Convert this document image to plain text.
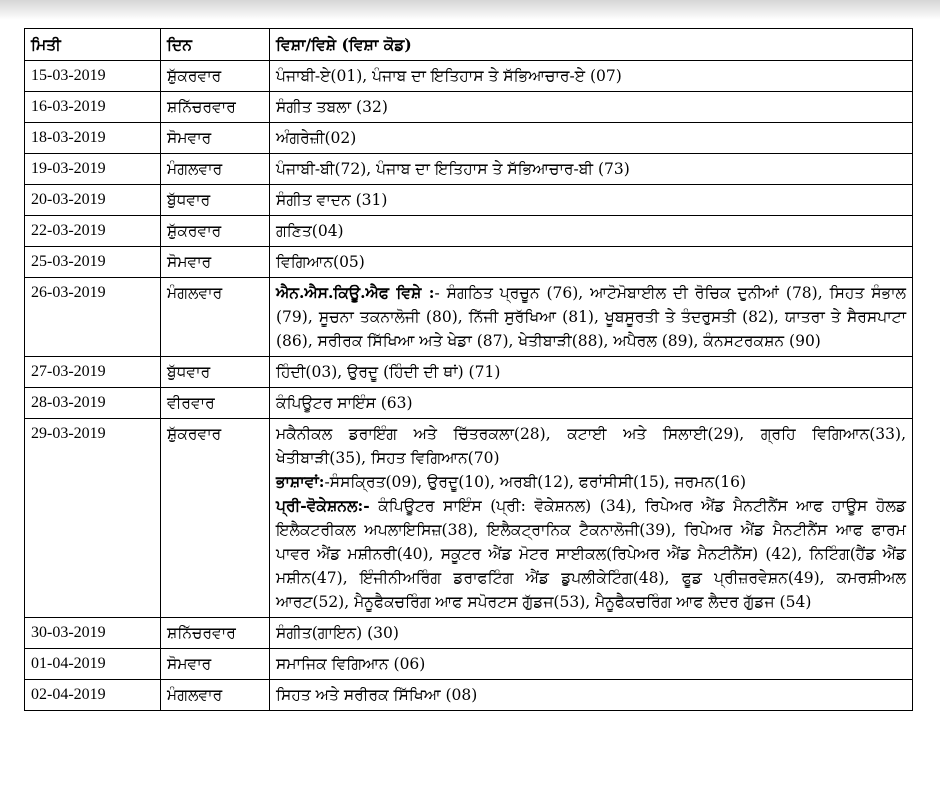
ਮਿਤੀ	ਦਿਨ	ਵਿਸ਼ਾ/ਵਿਸ਼ੇ (ਵਿਸ਼ਾ ਕੋਡ)
15-03-2019	ਸ਼ੁੱਕਰਵਾਰ	ਪੰਜਾਬੀ-ਏ(01), ਪੰਜਾਬ ਦਾ ਇਤਿਹਾਸ ਤੇ ਸੱਭਿਆਚਾਰ-ਏ (07)
16-03-2019	ਸ਼ਨਿੱਚਰਵਾਰ	ਸੰਗੀਤ ਤਬਲਾ (32)
18-03-2019	ਸੋਮਵਾਰ	ਅੰਗਰੇਜ਼ੀ(02)
19-03-2019	ਮੰਗਲਵਾਰ	ਪੰਜਾਬੀ-ਬੀ(72), ਪੰਜਾਬ ਦਾ ਇਤਿਹਾਸ ਤੇ ਸੱਭਿਆਚਾਰ-ਬੀ (73)
20-03-2019	ਬੁੱਧਵਾਰ	ਸੰਗੀਤ ਵਾਦਨ (31)
22-03-2019	ਸ਼ੁੱਕਰਵਾਰ	ਗਣਿਤ(04)
25-03-2019	ਸੋਮਵਾਰ	ਵਿਗਿਆਨ(05)
26-03-2019	ਮੰਗਲਵਾਰ	ਐਨ.ਐਸ.ਕਿਊ.ਐਫ ਵਿਸ਼ੇ :- ਸੰਗਠਿਤ ਪ੍ਰਚੂਨ (76), ਆਟੋਮੋਬਾਈਲ ਦੀ ਰੋਚਿਕ ਦੁਨੀਆਂ (78), ਸਿਹਤ ਸੰਭਾਲ (79), ਸੂਚਨਾ ਤਕਨਾਲੋਜੀ (80), ਨਿੱਜੀ ਸੁਰੱਖਿਆ (81), ਖੂਬਸੂਰਤੀ ਤੇ ਤੰਦਰੁਸਤੀ (82), ਯਾਤਰਾ ਤੇ ਸੈਰਸਪਾਟਾ (86), ਸਰੀਰਕ ਸਿੱਖਿਆ ਅਤੇ ਖੇਡਾ (87), ਖੇਤੀਬਾੜੀ(88), ਅਪੈਰਲ (89), ਕੰਨਸਟਰਕਸ਼ਨ (90)
27-03-2019	ਬੁੱਧਵਾਰ	ਹਿੰਦੀ(03), ਉਰਦੂ (ਹਿੰਦੀ ਦੀ ਥਾਂ) (71)
28-03-2019	ਵੀਰਵਾਰ	ਕੰਪਿਊਟਰ ਸਾਇੰਸ (63)
29-03-2019	ਸ਼ੁੱਕਰਵਾਰ	ਮਕੈਨੀਕਲ ਡਰਾਇੰਗ ਅਤੇ ਚਿੱਤਰਕਲਾ(28), ਕਟਾਈ ਅਤੇ ਸਿਲਾਈ(29), ਗ੍ਰਹਿ ਵਿਗਿਆਨ(33), ਖੇਤੀਬਾੜੀ(35), ਸਿਹਤ ਵਿਗਿਆਨ(70)
ਭਾਸ਼ਾਵਾਂ:-ਸੰਸਕ੍ਰਿਤ(09), ਉਰਦੂ(10), ਅਰਬੀ(12), ਫਰਾਂਸੀਸੀ(15), ਜਰਮਨ(16)
ਪ੍ਰੀ-ਵੋਕੇਸ਼ਨਲ:- ਕੰਪਿਊਟਰ ਸਾਇੰਸ (ਪ੍ਰੀ: ਵੋਕੇਸ਼ਨਲ) (34), ਰਿਪੇਅਰ ਐਂਡ ਮੈਨਟੀਨੈਂਸ ਆਫ ਹਾਊਸ ਹੋਲਡ ਇਲੈਕਟਰੀਕਲ ਅਪਲਾਇਸਿਜ਼(38), ਇਲੈਕਟ੍ਰਾਨਿਕ ਟੈਕਨਾਲੋਜੀ(39), ਰਿਪੇਅਰ ਐਂਡ ਮੈਨਟੀਨੈਂਸ ਆਫ ਫਾਰਮ ਪਾਵਰ ਐਂਡ ਮਸ਼ੀਨਰੀ(40), ਸਕੂਟਰ ਐਂਡ ਮੋਟਰ ਸਾਈਕਲ(ਰਿਪੇਅਰ ਐਂਡ ਮੈਨਟੀਨੈਂਸ) (42), ਨਿਟਿੰਗ(ਹੈਂਡ ਐਂਡ ਮਸ਼ੀਨ(47), ਇੰਜੀਨੀਅਰਿੰਗ ਡਰਾਫਟਿੰਗ ਐਂਡ ਡੁਪਲੀਕੇਟਿੰਗ(48), ਫੂਡ ਪ੍ਰੀਜ਼ਰਵੇਸ਼ਨ(49), ਕਮਰਸ਼ੀਅਲ ਆਰਟ(52), ਮੈਨੂਫੈਕਚਰਿੰਗ ਆਫ ਸਪੋਰਟਸ ਗੁੱਡਜ(53), ਮੈਨੂਫੈਕਚਰਿੰਗ ਆਫ ਲੈਦਰ ਗੁੱਡਜ (54)

30-03-2019	ਸ਼ਨਿੱਚਰਵਾਰ	ਸੰਗੀਤ(ਗਾਇਨ) (30)
01-04-2019	ਸੋਮਵਾਰ	ਸਮਾਜਿਕ ਵਿਗਿਆਨ (06)
02-04-2019	ਮੰਗਲਵਾਰ	ਸਿਹਤ ਅਤੇ ਸਰੀਰਕ ਸਿੱਖਿਆ (08)
